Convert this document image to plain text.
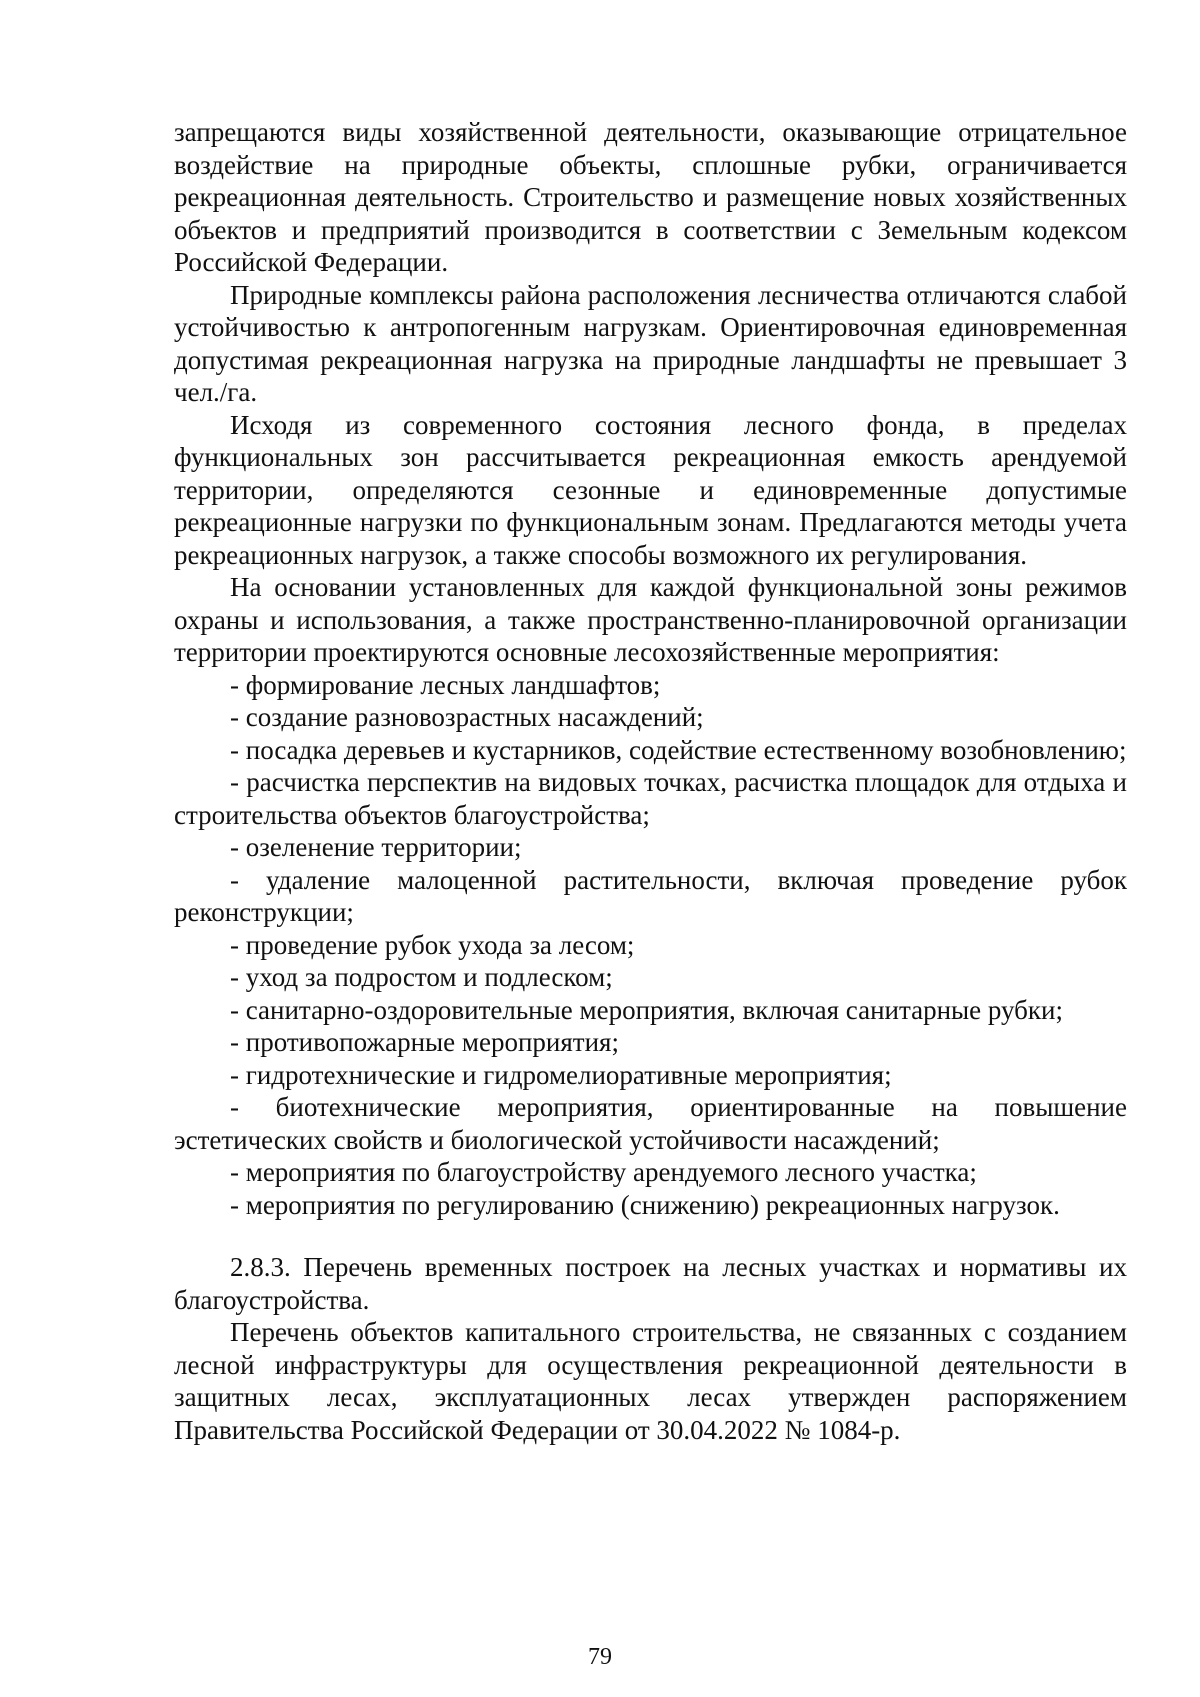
запрещаются виды хозяйственной деятельности, оказывающие отрицательное воздействие на природные объекты, сплошные рубки, ограничивается рекреационная деятельность. Строительство и размещение новых хозяйственных объектов и предприятий производится в соответствии с Земельным кодексом Российской Федерации.

Природные комплексы района расположения лесничества отличаются слабой устойчивостью к антропогенным нагрузкам. Ориентировочная единовременная допустимая рекреационная нагрузка на природные ландшафты не превышает 3 чел./га.

Исходя из современного состояния лесного фонда, в пределах функциональных зон рассчитывается рекреационная емкость арендуемой территории, определяются сезонные и единовременные допустимые рекреационные нагрузки по функциональным зонам. Предлагаются методы учета рекреационных нагрузок, а также способы возможного их регулирования.

На основании установленных для каждой функциональной зоны режимов охраны и использования, а также пространственно-планировочной организации территории проектируются основные лесохозяйственные мероприятия:

- формирование лесных ландшафтов;

- создание разновозрастных насаждений;

- посадка деревьев и кустарников, содействие естественному возобновлению;

- расчистка перспектив на видовых точках, расчистка площадок для отдыха и строительства объектов благоустройства;

- озеленение территории;

- удаление малоценной растительности, включая проведение рубок реконструкции;

- проведение рубок ухода за лесом;

- уход за подростом и подлеском;

- санитарно-оздоровительные мероприятия, включая санитарные рубки;

- противопожарные мероприятия;

- гидротехнические и гидромелиоративные мероприятия;

- биотехнические мероприятия, ориентированные на повышение эстетических свойств и биологической устойчивости насаждений;

- мероприятия по благоустройству арендуемого лесного участка;

- мероприятия по регулированию (снижению) рекреационных нагрузок.

2.8.3. Перечень временных построек на лесных участках и нормативы их благоустройства.

Перечень объектов капитального строительства, не связанных с созданием лесной инфраструктуры для осуществления рекреационной деятельности в защитных лесах, эксплуатационных лесах утвержден распоряжением Правительства Российской Федерации от 30.04.2022 № 1084-р.

79
